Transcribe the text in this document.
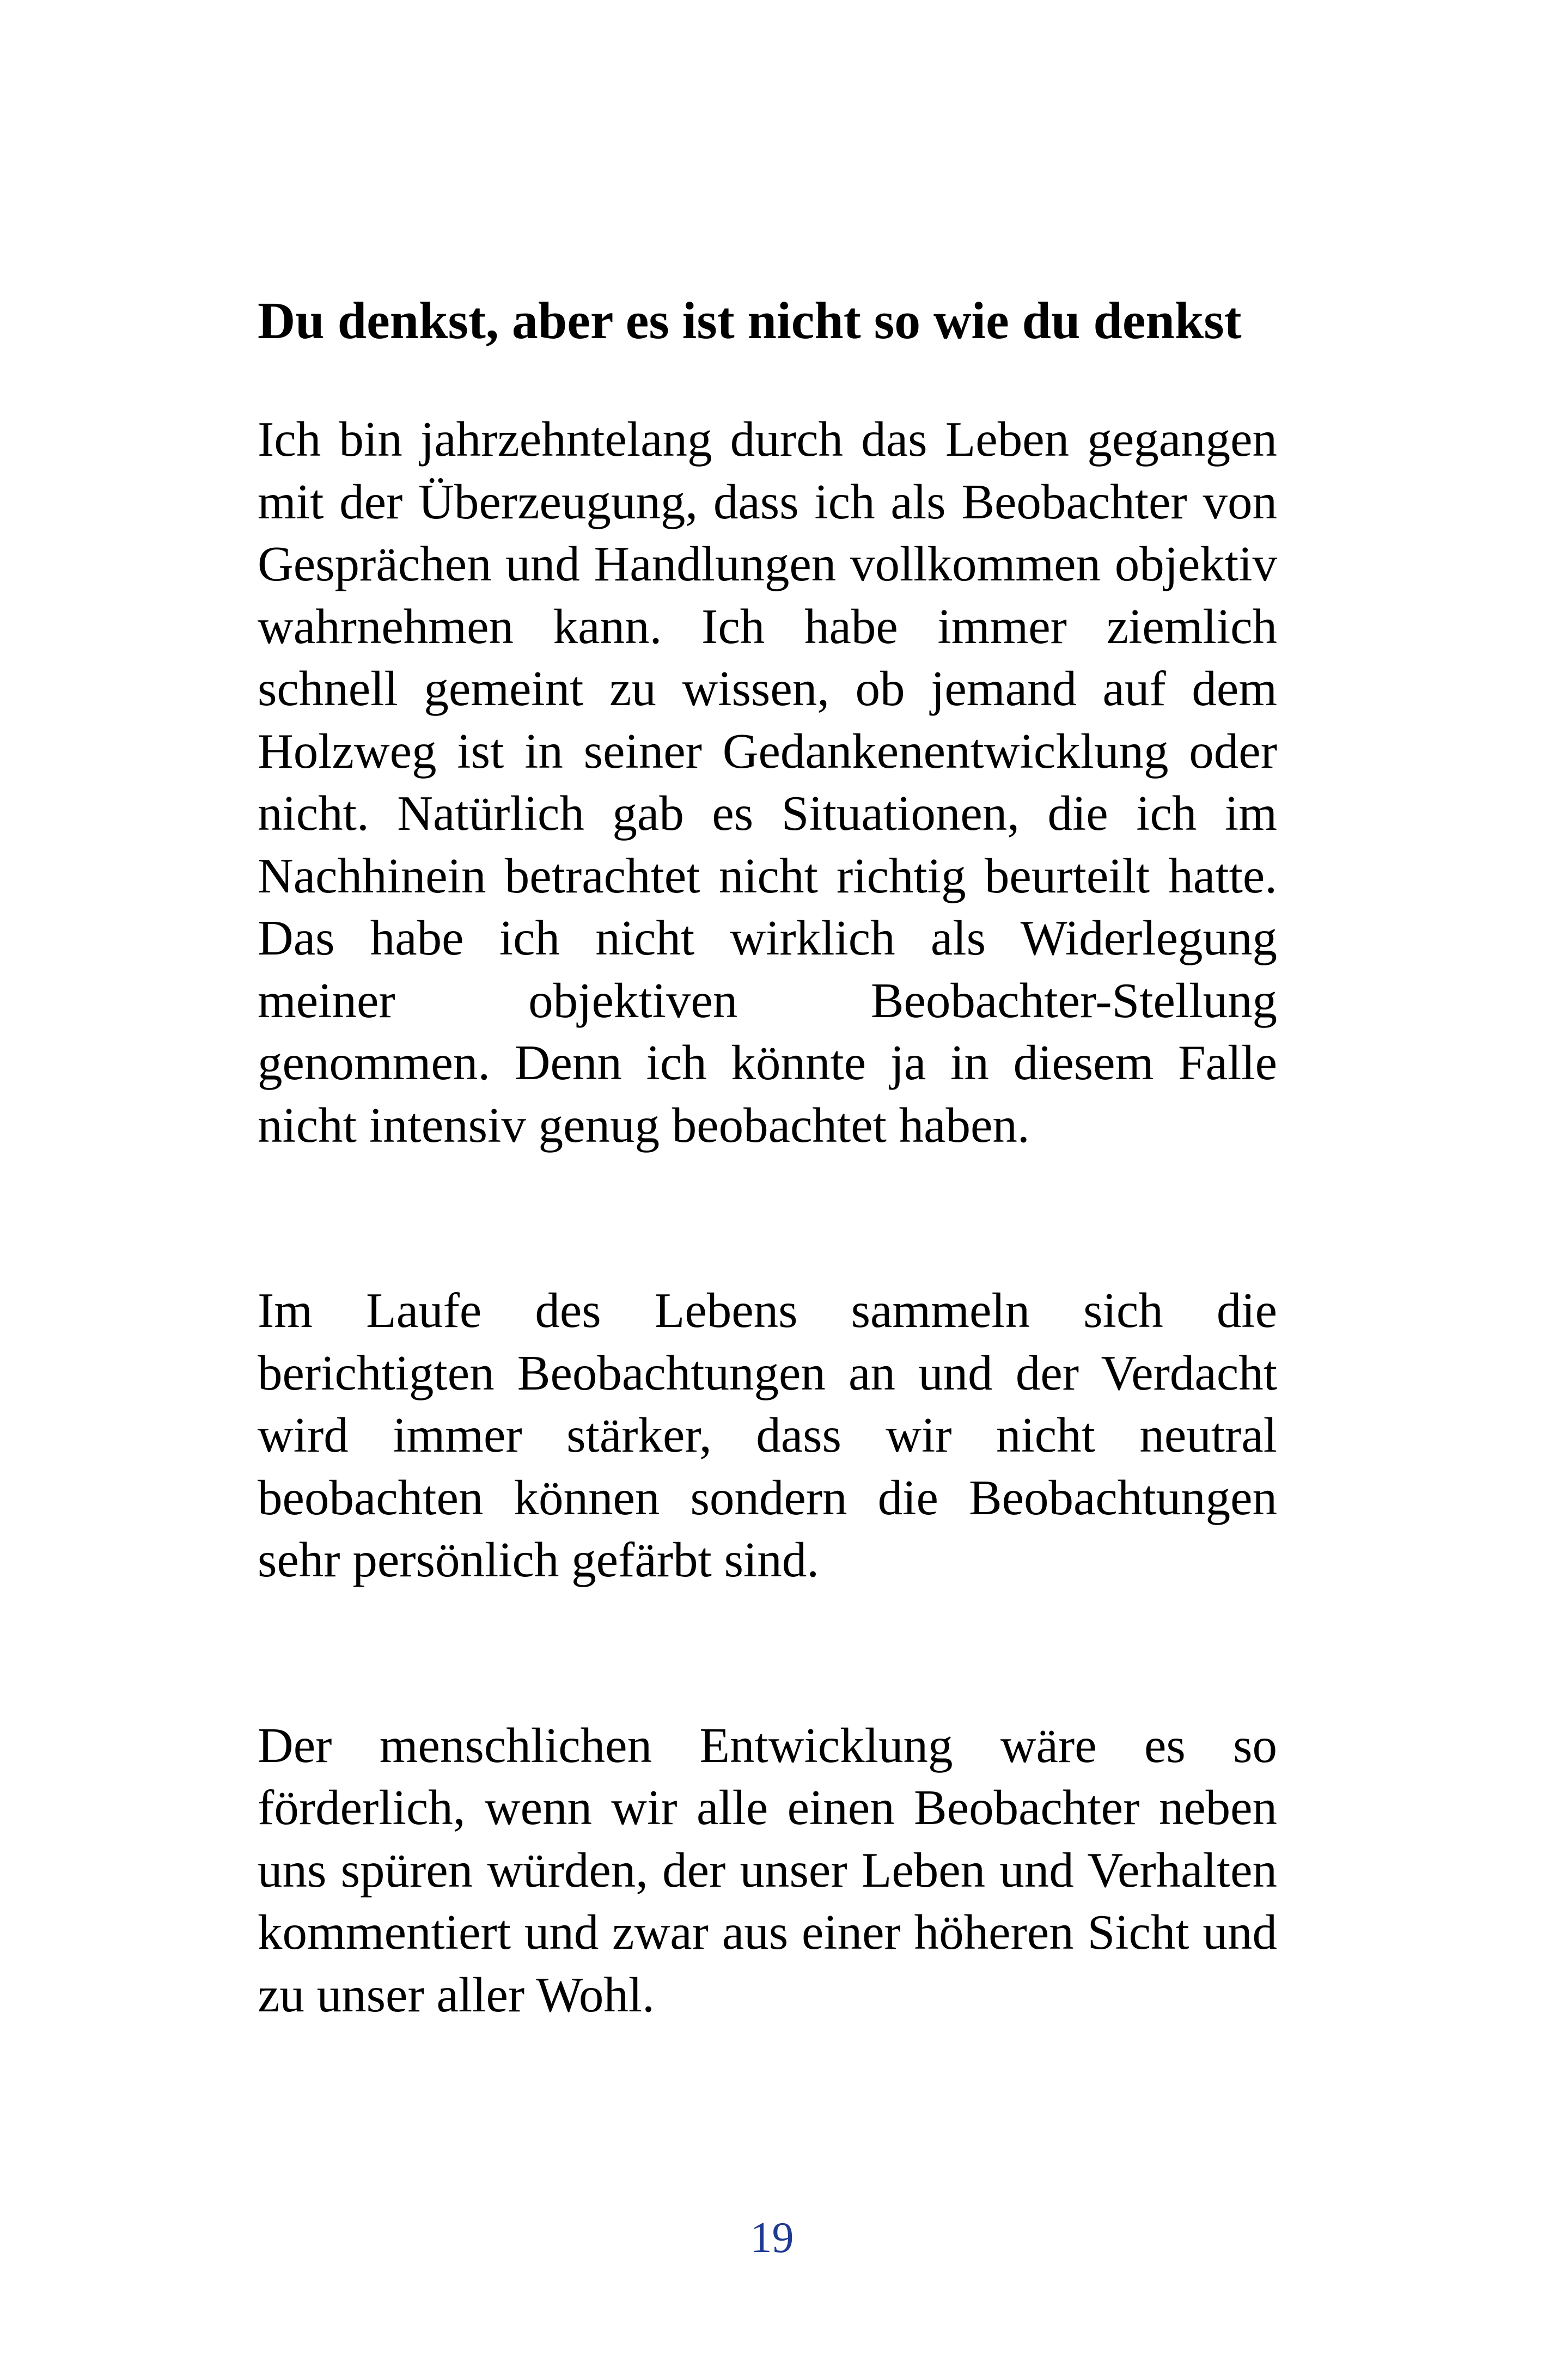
Du denkst, aber es ist nicht so wie du denkst

Ich bin jahrzehntelang durch das Leben gegangen mit der Überzeugung, dass ich als Beobachter von Gesprächen und Handlungen vollkommen objektiv wahrnehmen kann. Ich habe immer ziemlich schnell gemeint zu wissen, ob jemand auf dem Holzweg ist in seiner Gedankenentwicklung oder nicht. Natürlich gab es Situationen, die ich im Nachhinein betrachtet nicht richtig beurteilt hatte. Das habe ich nicht wirklich als Widerlegung meiner objektiven Beobachter-Stellung genommen. Denn ich könnte ja in diesem Falle nicht intensiv genug beobachtet haben.

Im Laufe des Lebens sammeln sich die berichtigten Beobachtungen an und der Verdacht wird immer stärker, dass wir nicht neutral beobachten können sondern die Beobachtungen sehr persönlich gefärbt sind.

Der menschlichen Entwicklung wäre es so förderlich, wenn wir alle einen Beobachter neben uns spüren würden, der unser Leben und Verhalten kommentiert und zwar aus einer höheren Sicht und zu unser aller Wohl.

19
